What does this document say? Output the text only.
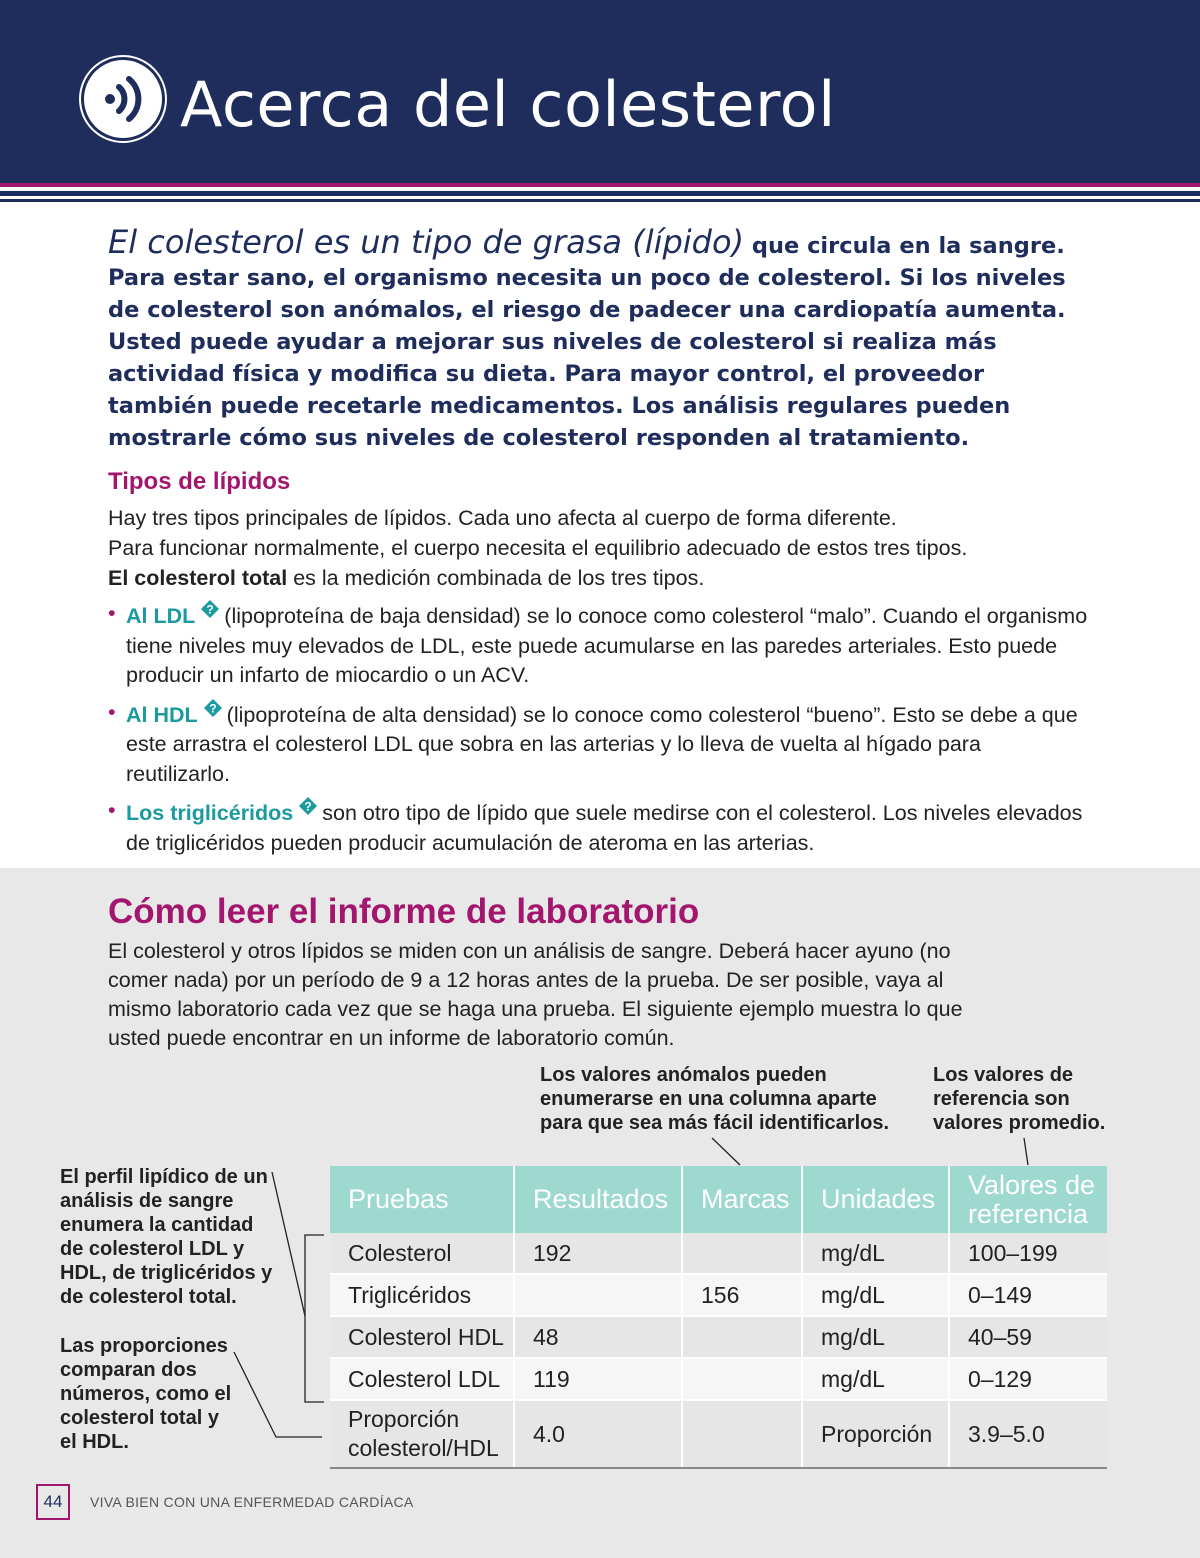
Acerca del colesterol

El colesterol es un tipo de grasa (lípido) que circula en la sangre. Para estar sano, el organismo necesita un poco de colesterol. Si los niveles de colesterol son anómalos, el riesgo de padecer una cardiopatía aumenta. Usted puede ayudar a mejorar sus niveles de colesterol si realiza más actividad física y modifica su dieta. Para mayor control, el proveedor también puede recetarle medicamentos. Los análisis regulares pueden mostrarle cómo sus niveles de colesterol responden al tratamiento.

Tipos de lípidos

Hay tres tipos principales de lípidos. Cada uno afecta al cuerpo de forma diferente.
Para funcionar normalmente, el cuerpo necesita el equilibrio adecuado de estos tres tipos.
El colesterol total es la medición combinada de los tres tipos.

• Al LDL ? (lipoproteína de baja densidad) se lo conoce como colesterol “malo”. Cuando el organismo tiene niveles muy elevados de LDL, este puede acumularse en las paredes arteriales. Esto puede producir un infarto de miocardio o un ACV.
• Al HDL ? (lipoproteína de alta densidad) se lo conoce como colesterol “bueno”. Esto se debe a que este arrastra el colesterol LDL que sobra en las arterias y lo lleva de vuelta al hígado para reutilizarlo.
• Los triglicéridos ? son otro tipo de lípido que suele medirse con el colesterol. Los niveles elevados de triglicéridos pueden producir acumulación de ateroma en las arterias.
Cómo leer el informe de laboratorio

El colesterol y otros lípidos se miden con un análisis de sangre. Deberá hacer ayuno (no comer nada) por un período de 9 a 12 horas antes de la prueba. De ser posible, vaya al mismo laboratorio cada vez que se haga una prueba. El siguiente ejemplo muestra lo que usted puede encontrar en un informe de laboratorio común.

Los valores anómalos pueden enumerarse en una columna aparte para que sea más fácil identificarlos.

Los valores de referencia son valores promedio.

El perfil lipídico de un análisis de sangre enumera la cantidad de colesterol LDL y HDL, de triglicéridos y de colesterol total.

Las proporciones comparan dos números, como el colesterol total y el HDL.

Pruebas	Resultados	Marcas	Unidades	Valores de referencia
Colesterol	192		mg/dL	100–199
Triglicéridos		156	mg/dL	0–149
Colesterol HDL	48		mg/dL	40–59
Colesterol LDL	119		mg/dL	0–129
Proporción colesterol/HDL	4.0		Proporción	3.9–5.0
44	VIVA BIEN CON UNA ENFERMEDAD CARDÍACA
